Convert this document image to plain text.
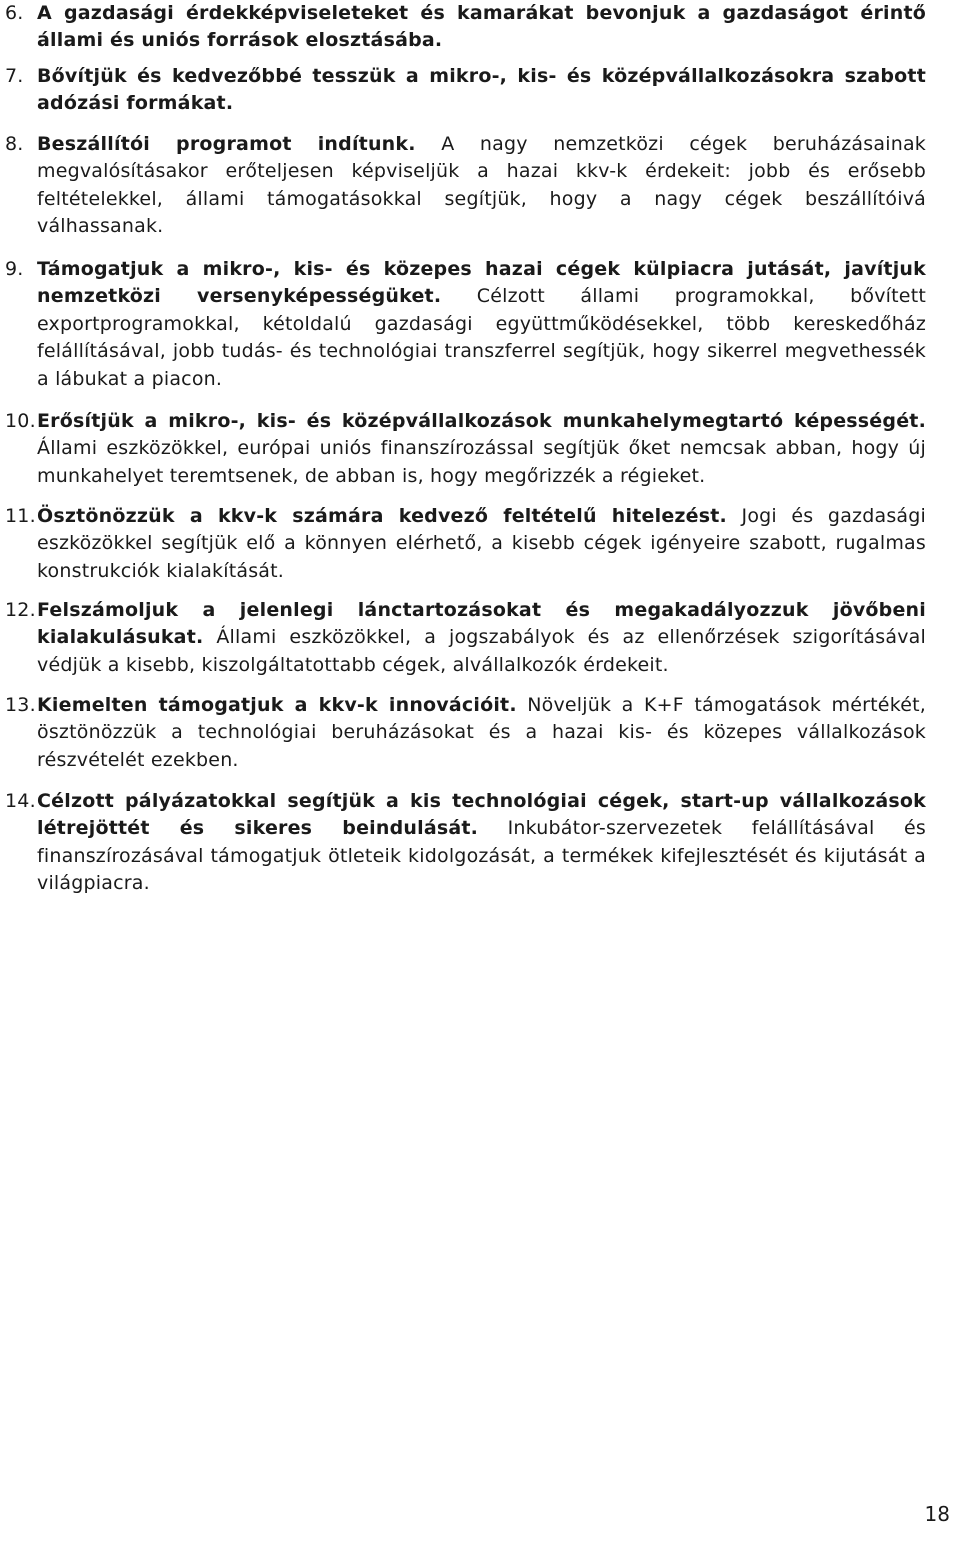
6. A gazdasági érdekképviseleteket és kamarákat bevonjuk a gazdaságot érintő állami és uniós források elosztásába.
7. Bővítjük és kedvezőbbé tesszük a mikro-, kis- és középvállalkozásokra szabott adózási formákat.
8. Beszállítói programot indítunk. A nagy nemzetközi cégek beruházásainak megvalósításakor erőteljesen képviseljük a hazai kkv-k érdekeit: jobb és erősebb feltételekkel, állami támogatásokkal segítjük, hogy a nagy cégek beszállítóivá válhassanak.
9. Támogatjuk a mikro-, kis- és közepes hazai cégek külpiacra jutását, javítjuk nemzetközi versenyképességüket. Célzott állami programokkal, bővített exportprogramokkal, kétoldalú gazdasági együttműködésekkel, több kereskedőház felállításával, jobb tudás- és technológiai transzferrel segítjük, hogy sikerrel megvethessék a lábukat a piacon.
10. Erősítjük a mikro-, kis- és középvállalkozások munkahelymegtartó képességét. Állami eszközökkel, európai uniós finanszírozással segítjük őket nemcsak abban, hogy új munkahelyet teremtsenek, de abban is, hogy megőrizzék a régieket.
11. Ösztönözzük a kkv-k számára kedvező feltételű hitelezést. Jogi és gazdasági eszközökkel segítjük elő a könnyen elérhető, a kisebb cégek igényeire szabott, rugalmas konstrukciók kialakítását.
12. Felszámoljuk a jelenlegi lánctartozásokat és megakadályozzuk jövőbeni kialakulásukat. Állami eszközökkel, a jogszabályok és az ellenőrzések szigorításával védjük a kisebb, kiszolgáltatottabb cégek, alvállalkozók érdekeit.
13. Kiemelten támogatjuk a kkv-k innovációit. Növeljük a K+F támogatások mértékét, ösztönözzük a technológiai beruházásokat és a hazai kis- és közepes vállalkozások részvételét ezekben.
14. Célzott pályázatokkal segítjük a kis technológiai cégek, start-up vállalkozások létrejöttét és sikeres beindulását. Inkubátor-szervezetek felállításával és finanszírozásával támogatjuk ötleteik kidolgozását, a termékek kifejlesztését és kijutását a világpiacra.
18
